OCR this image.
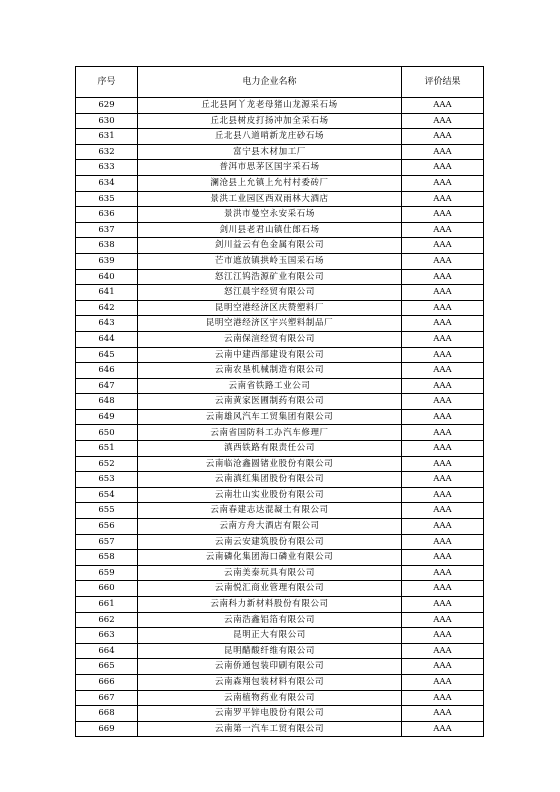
序号	电力企业名称	评价结果
629	丘北县阿丫龙老母猪山龙源采石场	AAA
630	丘北县树皮打扬冲加全采石场	AAA
631	丘北县八道哨新龙庄砂石场	AAA
632	富宁县木材加工厂	AAA
633	普洱市思茅区国宇采石场	AAA
634	澜沧县上允镇上允村村委砖厂	AAA
635	景洪工业园区西双雨林大酒店	AAA
636	景洪市曼空永安采石场	AAA
637	剑川县老君山镇仕郎石场	AAA
638	剑川益云有色金属有限公司	AAA
639	芒市遮放镇拱岭玉国采石场	AAA
640	怒江江钨浩源矿业有限公司	AAA
641	怒江晨宇经贸有限公司	AAA
642	昆明空港经济区庆赞塑料厂	AAA
643	昆明空港经济区宇兴塑料制品厂	AAA
644	云南保渲经贸有限公司	AAA
645	云南中建西部建设有限公司	AAA
646	云南农垦机械制造有限公司	AAA
647	云南省铁路工业公司	AAA
648	云南黄家医圃制药有限公司	AAA
649	云南雄风汽车工贸集团有限公司	AAA
650	云南省国防科工办汽车修理厂	AAA
651	滇西铁路有限责任公司	AAA
652	云南临沧鑫圆锗业股份有限公司	AAA
653	云南滇红集团股份有限公司	AAA
654	云南壮山实业股份有限公司	AAA
655	云南春建志达混凝土有限公司	AAA
656	云南方舟大酒店有限公司	AAA
657	云南云安建筑股份有限公司	AAA
658	云南磷化集团海口磷业有限公司	AAA
659	云南美泰玩具有限公司	AAA
660	云南悦汇商业管理有限公司	AAA
661	云南科力新材料股份有限公司	AAA
662	云南浩鑫铝箔有限公司	AAA
663	昆明正大有限公司	AAA
664	昆明醋酸纤维有限公司	AAA
665	云南侨通包装印刷有限公司	AAA
666	云南森翔包装材料有限公司	AAA
667	云南植物药业有限公司	AAA
668	云南罗平锌电股份有限公司	AAA
669	云南第一汽车工贸有限公司	AAA
